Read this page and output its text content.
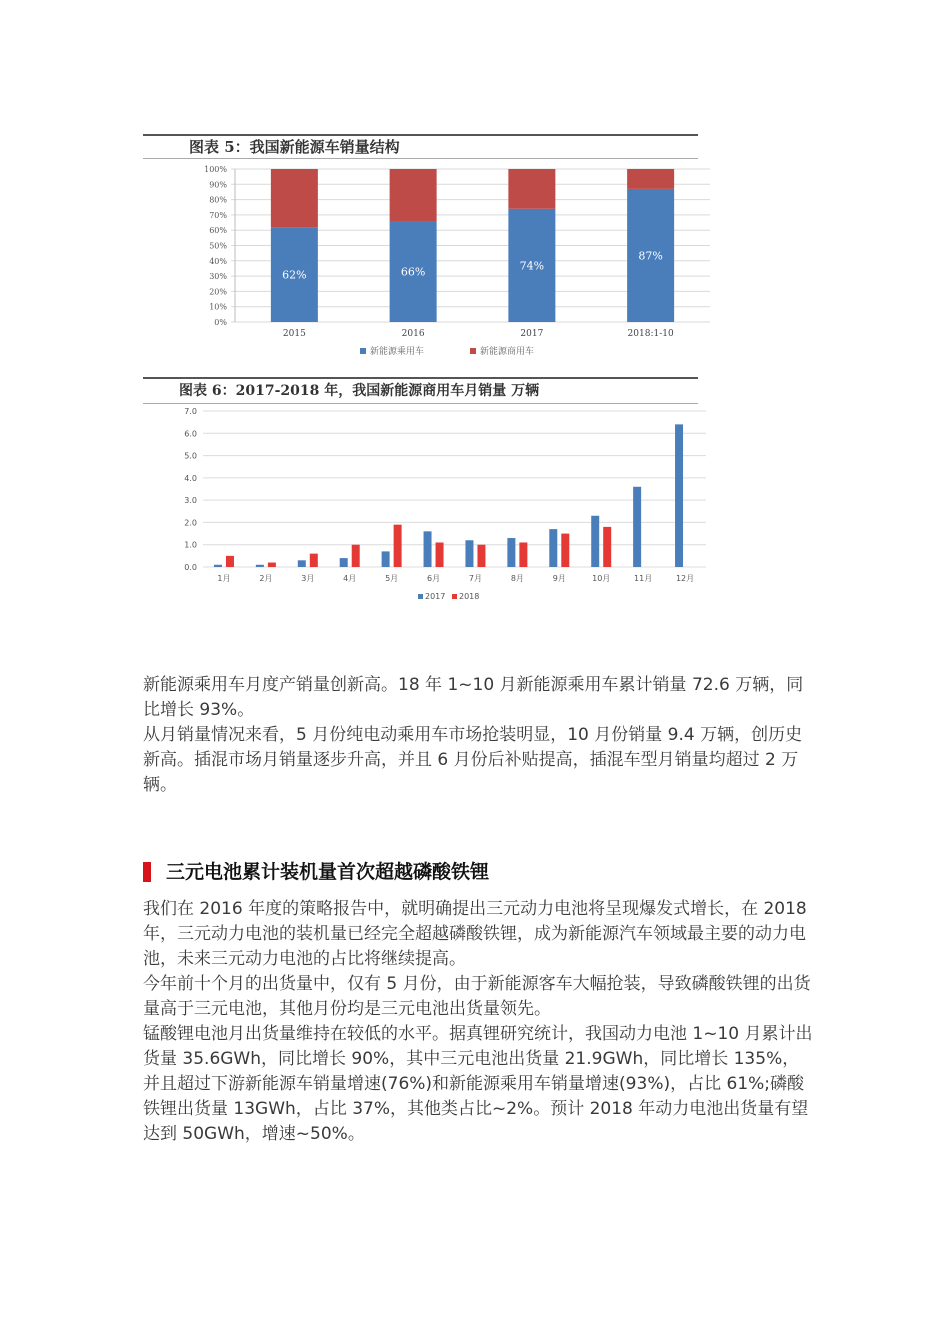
图表 5：我国新能源车销量结构
0%
10%
20%
30%
40%
50%
60%
70%
80%
90%
100%
62%
2015
66%
2016
74%
2017
87%
2018:1-10
新能源乘用车	新能源商用车
图表 6：2017-2018 年，我国新能源商用车月销量 万辆
0.0
1.0
2.0
3.0
4.0
5.0
6.0
7.0
1月	2月	3月	4月	5月	6月	7月	8月	9月	10月	11月	12月
2017 2018

新能源乘用车月度产销量创新高。18 年 1~10 月新能源乘用车累计销量 72.6 万辆，同比增长 93%。

从月销量情况来看，5 月份纯电动乘用车市场抢装明显，10 月份销量 9.4 万辆，创历史新高。插混市场月销量逐步升高，并且 6 月份后补贴提高，插混车型月销量均超过 2 万辆。

三元电池累计装机量首次超越磷酸铁锂

我们在 2016 年度的策略报告中，就明确提出三元动力电池将呈现爆发式增长，在 2018 年，三元动力电池的装机量已经完全超越磷酸铁锂，成为新能源汽车领域最主要的动力电池，未来三元动力电池的占比将继续提高。

今年前十个月的出货量中，仅有 5 月份，由于新能源客车大幅抢装，导致磷酸铁锂的出货量高于三元电池，其他月份均是三元电池出货量领先。

锰酸锂电池月出货量维持在较低的水平。据真锂研究统计，我国动力电池 1~10 月累计出货量 35.6GWh，同比增长 90%，其中三元电池出货量 21.9GWh，同比增长 135%，并且超过下游新能源车销量增速(76%)和新能源乘用车销量增速(93%)，占比 61%;磷酸铁锂出货量 13GWh，占比 37%，其他类占比~2%。预计 2018 年动力电池出货量有望达到 50GWh，增速~50%。
